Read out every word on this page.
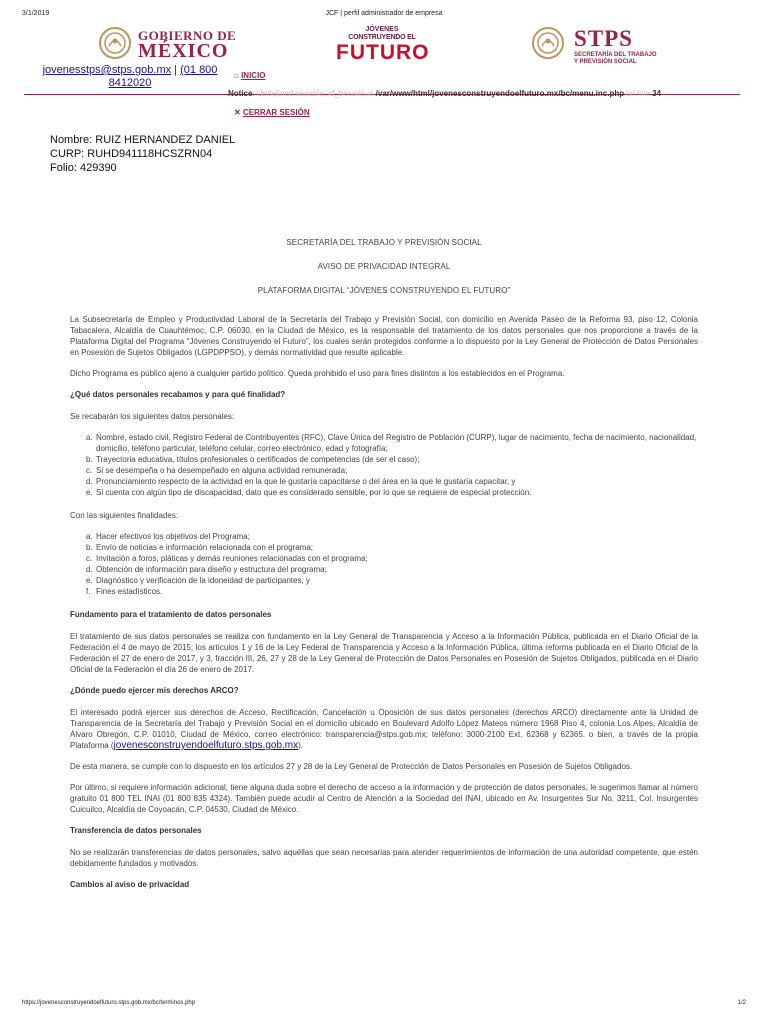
3/1/2019	JCF | perfil administrador de empresa
GOBIERNO DE
MÉXICO
JÓVENES
CONSTRUYENDO EL
FUTURO
STPS
SECRETARÍA DEL TRABAJO
Y PREVISIÓN SOCIAL
jovenesstps@stps.gob.mx | (01 800
8412020
⌂ INICIO
Notice: Undefined variable: id_becario in /var/www/html/jovenesconstruyendoelfuturo.mx/bc/menu.inc.php on line 34
✕ CERRAR SESIÓN
Nombre: RUIZ HERNANDEZ DANIEL
CURP: RUHD941118HCSZRN04
Folio: 429390
SECRETARÍA DEL TRABAJO Y PREVISIÓN SOCIAL
AVISO DE PRIVACIDAD INTEGRAL
PLATAFORMA DIGITAL “JÓVENES CONSTRUYENDO EL FUTURO”

La Subsecretaría de Empleo y Productividad Laboral de la Secretaría del Trabajo y Previsión Social, con domicilio en Avenida Paseo de la Reforma 93, piso 12, Colonia Tabacalera, Alcaldía de Cuauhtémoc, C.P. 06030, en la Ciudad de México, es la responsable del tratamiento de los datos personales que nos proporcione a través de la Plataforma Digital del Programa “Jóvenes Construyendo el Futuro”, los cuales serán protegidos conforme a lo dispuesto por la Ley General de Protección de Datos Personales en Posesión de Sujetos Obligados (LGPDPPSO), y demás normatividad que resulte aplicable.

Dicho Programa es público ajeno a cualquier partido político. Queda prohibido el uso para fines distintos a los establecidos en el Programa.

¿Qué datos personales recabamos y para qué finalidad?

Se recabarán los siguientes datos personales:

a. Nombre, estado civil, Registro Federal de Contribuyentes (RFC), Clave Única del Registro de Población (CURP), lugar de nacimiento, fecha de nacimiento, nacionalidad, domicilio, teléfono particular, teléfono celular, correo electrónico, edad y fotografía;
b. Trayectoria educativa, títulos profesionales o certificados de competencias (de ser el caso);
c. Si se desempeña o ha desempeñado en alguna actividad remunerada;
d. Pronunciamiento respecto de la actividad en la que le gustaría capacitarse o del área en la que le gustaría capacitar, y
e. Si cuenta con algún tipo de discapacidad, dato que es considerado sensible, por lo que se requiere de especial protección.

Con las siguientes finalidades:

a. Hacer efectivos los objetivos del Programa;
b. Envío de noticias e información relacionada con el programa;
c. Invitación a foros, pláticas y demás reuniones relacionadas con el programa;
d. Obtención de información para diseño y estructura del programa;
e. Diagnóstico y verificación de la idoneidad de participantes, y
f. Fines estadísticos.
Fundamento para el tratamiento de datos personales

El tratamiento de sus datos personales se realiza con fundamento en la Ley General de Transparencia y Acceso a la Información Pública, publicada en el Diario Oficial de la Federación el 4 de mayo de 2015; los artículos 1 y 16 de la Ley Federal de Transparencia y Acceso a la Información Pública, última reforma publicada en el Diario Oficial de la Federación el 27 de enero de 2017, y 3, fracción III, 26, 27 y 28 de la Ley General de Protección de Datos Personales en Posesión de Sujetos Obligados, publicada en el Diario Oficial de la Federación el día 26 de enero de 2017.

¿Dónde puedo ejercer mis derechos ARCO?

El interesado podrá ejercer sus derechos de Acceso, Rectificación, Cancelación u Oposición de sus datos personales (derechos ARCO) directamente ante la Unidad de Transparencia de la Secretaría del Trabajo y Previsión Social en el domicilio ubicado en Boulevard Adolfo López Mateos número 1968 Piso 4, colonia Los Alpes, Alcaldía de Álvaro Obregón, C.P. 01010, Ciudad de México, correo electrónico: transparencia@stps.gob.mx; teléfono: 3000-2100 Ext. 62368 y 62365. o bien, a través de la propia Plataforma (jovenesconstruyendoelfuturo.stps.gob.mx).

De esta manera, se cumple con lo dispuesto en los artículos 27 y 28 de la Ley General de Protección de Datos Personales en Posesión de Sujetos Obligados.

Por último, si requiere información adicional, tiene alguna duda sobre el derecho de acceso a la información y de protección de datos personales, le sugerimos llamar al número gratuito 01 800 TEL INAI (01 800 835 4324). También puede acudir al Centro de Atención a la Sociedad del INAI, ubicado en Av. Insurgentes Sur No. 3211, Col. Insurgentes Cuicuilco, Alcaldía de Coyoacán, C.P. 04530, Ciudad de México.

Transferencia de datos personales

No se realizarán transferencias de datos personales, salvo aquéllas que sean necesarias para atender requerimientos de información de una autoridad competente, que estén debidamente fundados y motivados.

Cambios al aviso de privacidad
https://jovenesconstruyendoelfuturo.stps.gob.mx/bc/terminos.php	1/2
